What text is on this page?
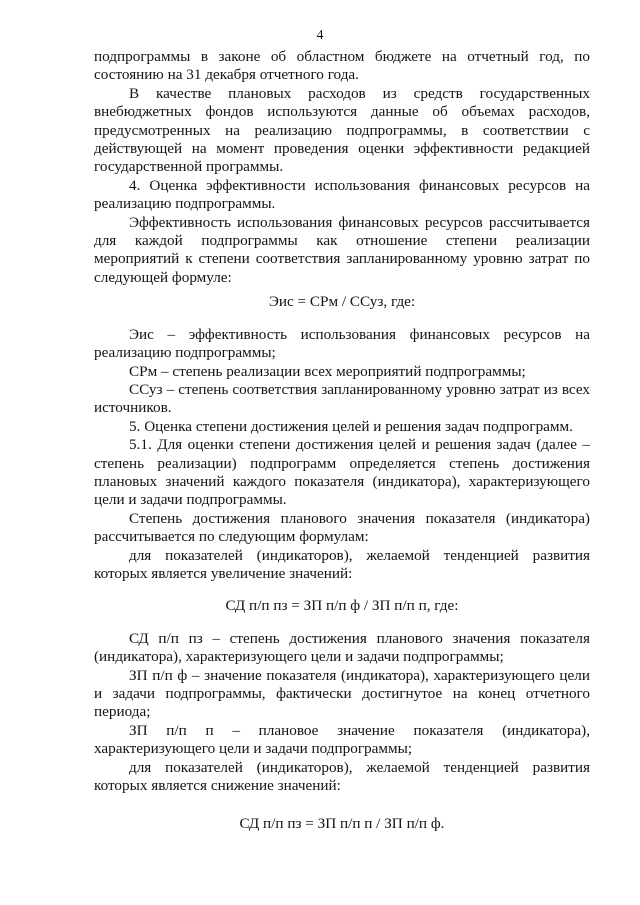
4

подпрограммы в законе об областном бюджете на отчетный год, по состоянию на 31 декабря отчетного года.

В качестве плановых расходов из средств государственных внебюджетных фондов используются данные об объемах расходов, предусмотренных на реализацию подпрограммы, в соответствии с действующей на момент проведения оценки эффективности редакцией государственной программы.

4. Оценка эффективности использования финансовых ресурсов на реализацию подпрограммы.

Эффективность использования финансовых ресурсов рассчитывается для каждой подпрограммы как отношение степени реализации мероприятий к степени соответствия запланированному уровню затрат по следующей формуле:

Эис = СРм / ССуз, где:

Эис – эффективность использования финансовых ресурсов на реализацию подпрограммы;

СРм – степень реализации всех мероприятий подпрограммы;

ССуз – степень соответствия запланированному уровню затрат из всех источников.

5. Оценка степени достижения целей и решения задач подпрограмм.

5.1. Для оценки степени достижения целей и решения задач (далее – степень реализации) подпрограмм определяется степень достижения плановых значений каждого показателя (индикатора), характеризующего цели и задачи подпрограммы.

Степень достижения планового значения показателя (индикатора) рассчитывается по следующим формулам:

для показателей (индикаторов), желаемой тенденцией развития которых является увеличение значений:

СД п/п пз = ЗП п/п ф / ЗП п/п п, где:

СД п/п пз – степень достижения планового значения показателя (индикатора), характеризующего цели и задачи подпрограммы;

ЗП п/п ф – значение показателя (индикатора), характеризующего цели и задачи подпрограммы, фактически достигнутое на конец отчетного периода;

ЗП п/п п – плановое значение показателя (индикатора), характеризующего цели и задачи подпрограммы;

для показателей (индикаторов), желаемой тенденцией развития которых является снижение значений:

СД п/п пз = ЗП п/п п / ЗП п/п ф.
